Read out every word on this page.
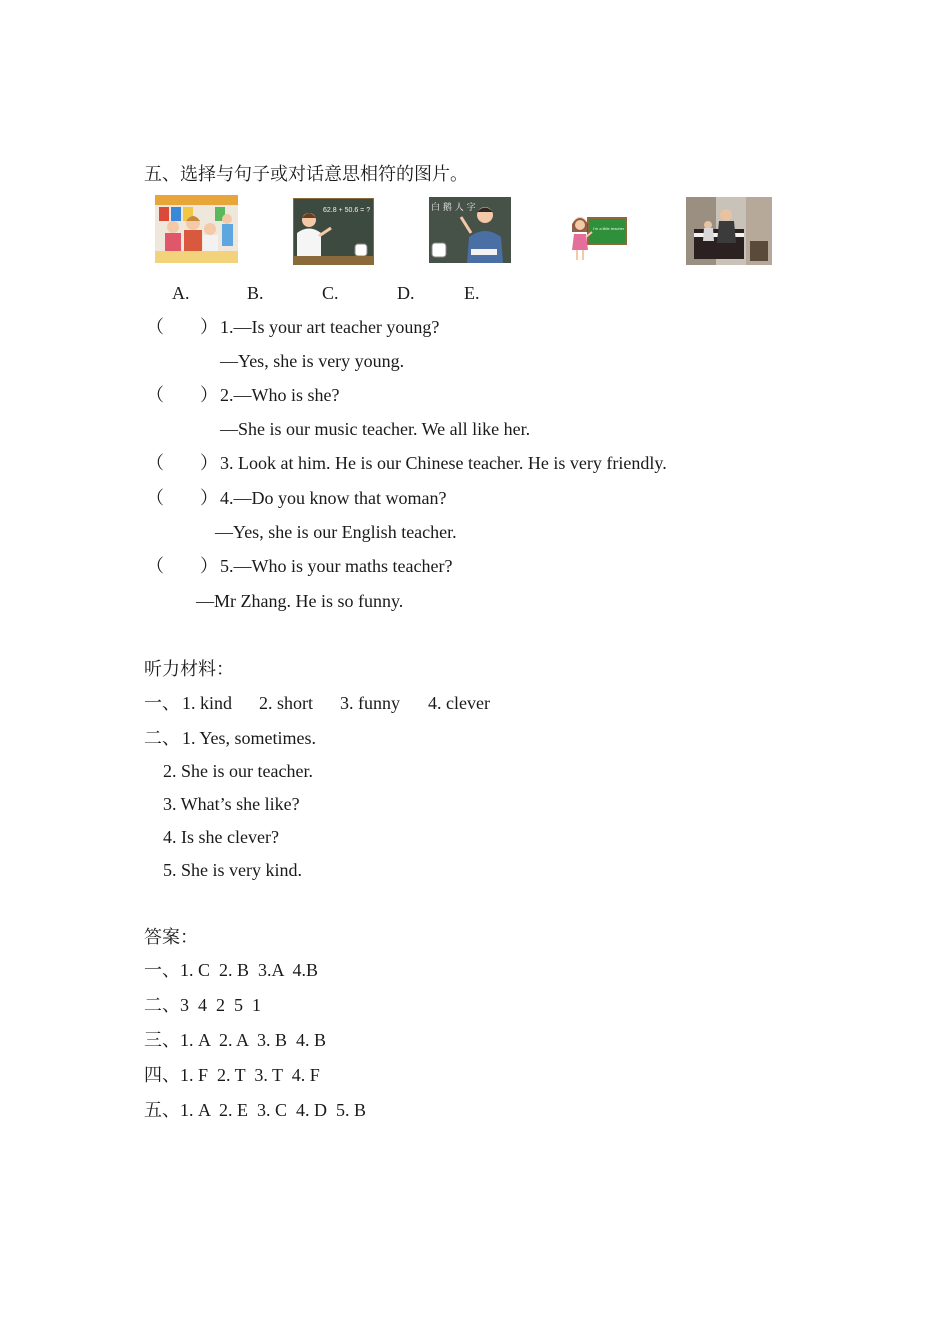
五、选择与句子或对话意思相符的图片。
62.8 + 50.6 = ?	白 鹅 人 字
I'm a little teacher
A.	B.	C.	D.	E.
（　　） 1.—Is your art teacher young?
—Yes, she is very young.
（　　） 2.—Who is she?
—She is our music teacher. We all like her.
（　　） 3. Look at him. He is our Chinese teacher. He is very friendly.
（　　） 4.—Do you know that woman?
—Yes, she is our English teacher.
（　　） 5.—Who is your maths teacher?
—Mr Zhang. He is so funny.
听力材料：
一、 1. kind 2. short 3. funny 4. clever
二、 1. Yes, sometimes.
2. She is our teacher.
3. What’s she like?
4. Is she clever?
5. She is very kind.
答案：
一、1. C  2. B  3.A  4.B
二、3  4  2  5  1
三、1. A  2. A  3. B  4. B
四、1. F  2. T  3. T  4. F
五、1. A  2. E  3. C  4. D  5. B
